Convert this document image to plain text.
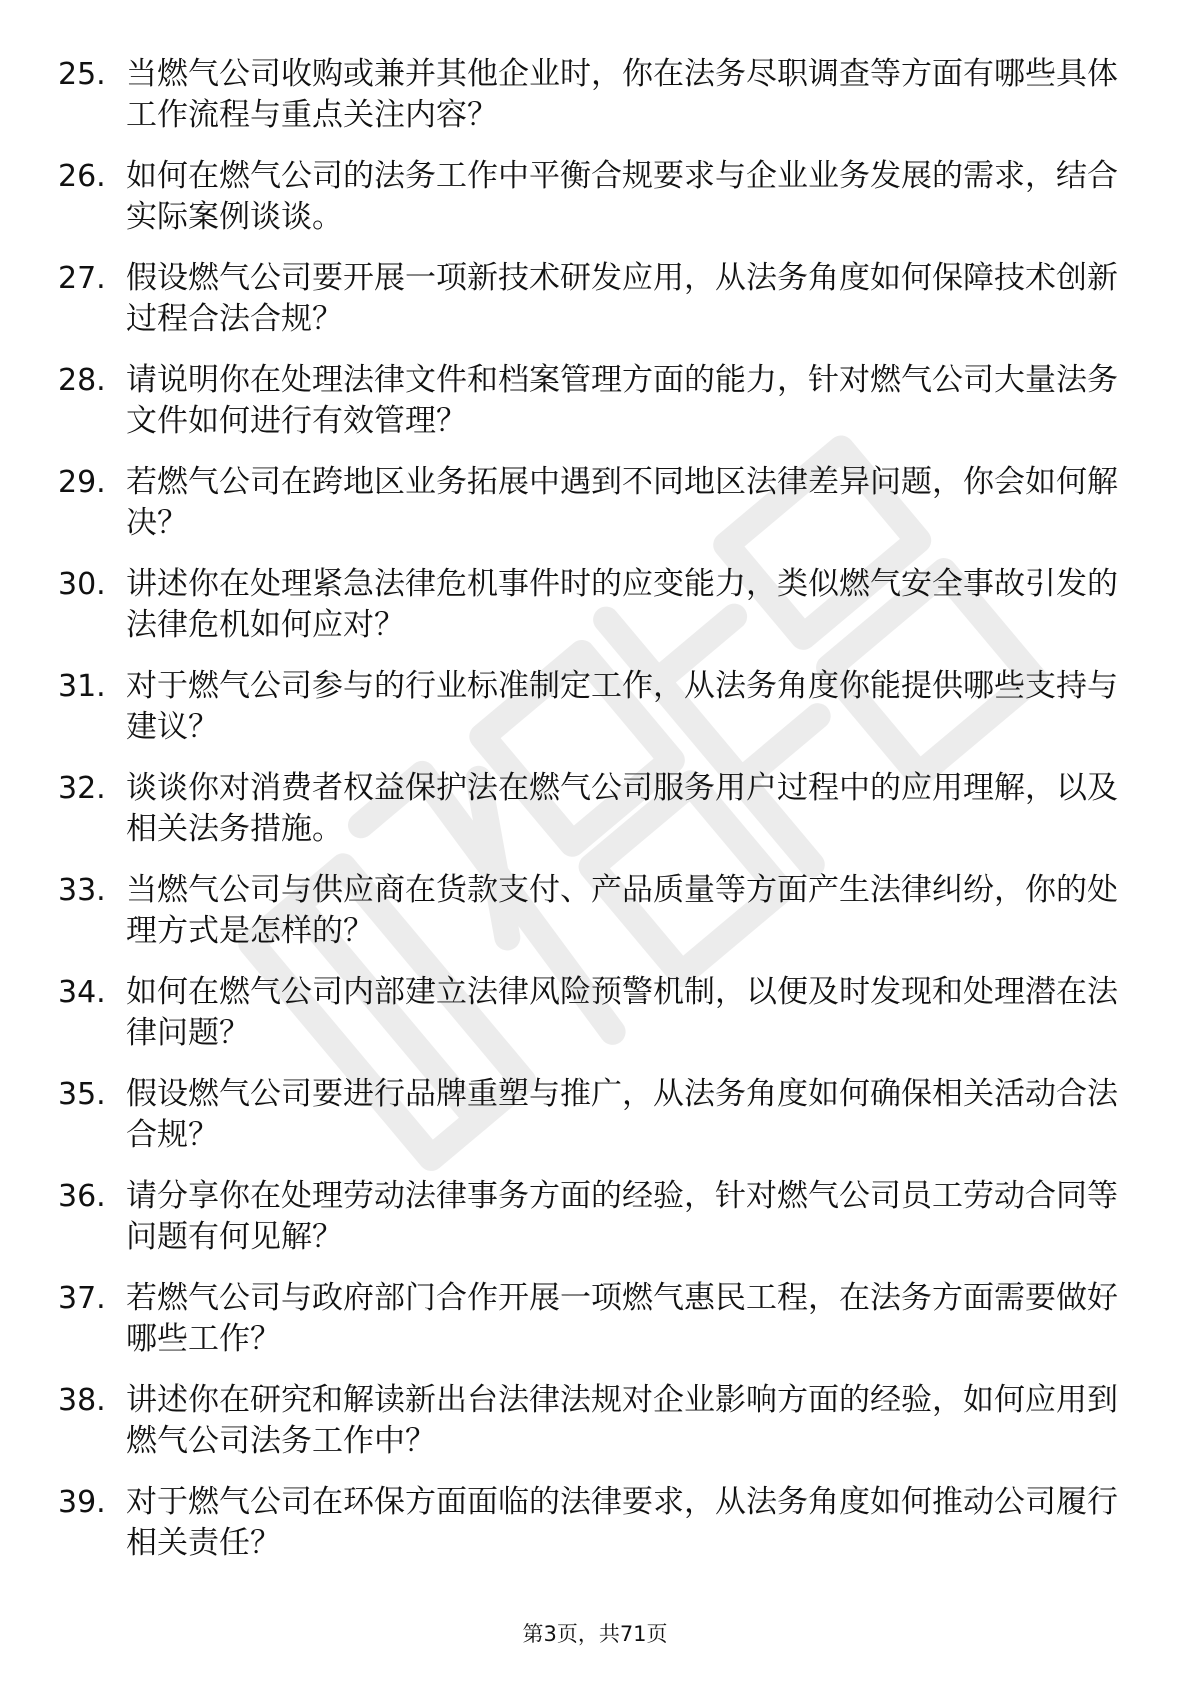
25. 当燃气公司收购或兼并其他企业时，你在法务尽职调查等方面有哪些具体工作流程与重点关注内容？
26. 如何在燃气公司的法务工作中平衡合规要求与企业业务发展的需求，结合实际案例谈谈。
27. 假设燃气公司要开展一项新技术研发应用，从法务角度如何保障技术创新过程合法合规？
28. 请说明你在处理法律文件和档案管理方面的能力，针对燃气公司大量法务文件如何进行有效管理？
29. 若燃气公司在跨地区业务拓展中遇到不同地区法律差异问题，你会如何解决？
30. 讲述你在处理紧急法律危机事件时的应变能力，类似燃气安全事故引发的法律危机如何应对？
31. 对于燃气公司参与的行业标准制定工作，从法务角度你能提供哪些支持与建议？
32. 谈谈你对消费者权益保护法在燃气公司服务用户过程中的应用理解，以及相关法务措施。
33. 当燃气公司与供应商在货款支付、产品质量等方面产生法律纠纷，你的处理方式是怎样的？
34. 如何在燃气公司内部建立法律风险预警机制，以便及时发现和处理潜在法律问题？
35. 假设燃气公司要进行品牌重塑与推广，从法务角度如何确保相关活动合法合规？
36. 请分享你在处理劳动法律事务方面的经验，针对燃气公司员工劳动合同等问题有何见解？
37. 若燃气公司与政府部门合作开展一项燃气惠民工程，在法务方面需要做好哪些工作？
38. 讲述你在研究和解读新出台法律法规对企业影响方面的经验，如何应用到燃气公司法务工作中？
39. 对于燃气公司在环保方面面临的法律要求，从法务角度如何推动公司履行相关责任？
第3页，共71页
